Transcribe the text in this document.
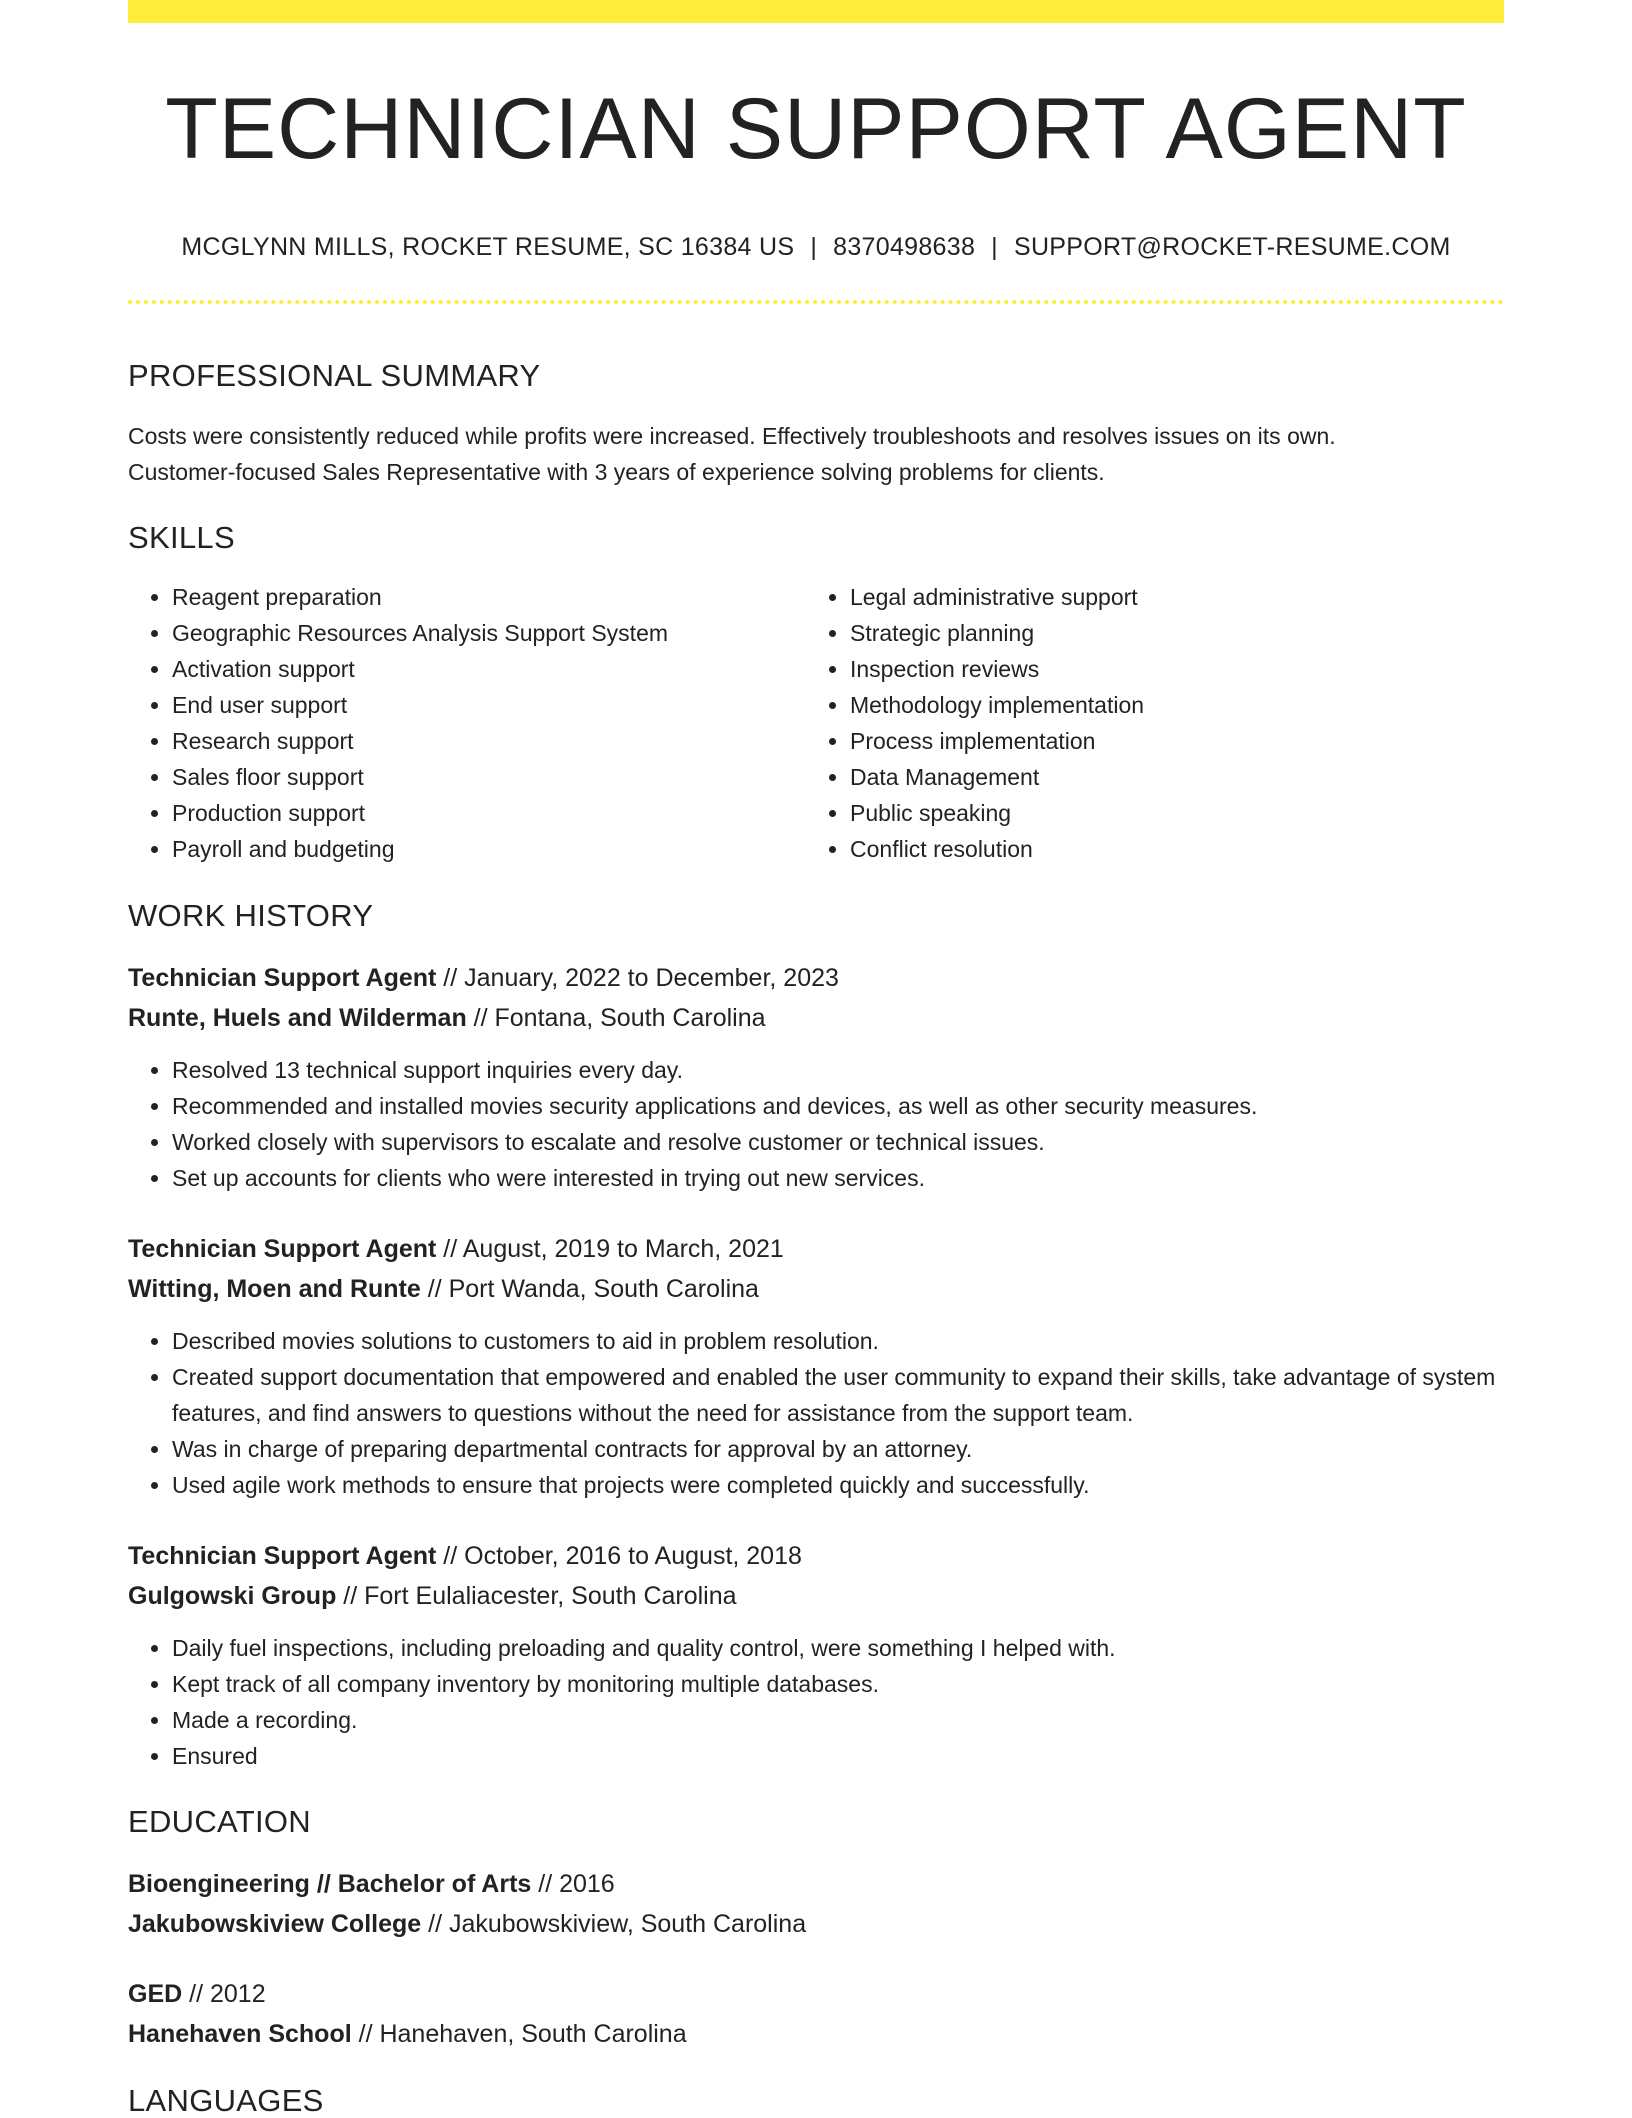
TECHNICIAN SUPPORT AGENT
MCGLYNN MILLS, ROCKET RESUME, SC 16384 US | 8370498638 | SUPPORT@ROCKET-RESUME.COM
PROFESSIONAL SUMMARY

Costs were consistently reduced while profits were increased. Effectively troubleshoots and resolves issues on its own.

Customer-focused Sales Representative with 3 years of experience solving problems for clients.

SKILLS
• Reagent preparation
• Geographic Resources Analysis Support System
• Activation support
• End user support
• Research support
• Sales floor support
• Production support
• Payroll and budgeting
• Legal administrative support
• Strategic planning
• Inspection reviews
• Methodology implementation
• Process implementation
• Data Management
• Public speaking
• Conflict resolution
WORK HISTORY
Technician Support Agent // January, 2022 to December, 2023
Runte, Huels and Wilderman // Fontana, South Carolina
• Resolved 13 technical support inquiries every day.
• Recommended and installed movies security applications and devices, as well as other security measures.
• Worked closely with supervisors to escalate and resolve customer or technical issues.
• Set up accounts for clients who were interested in trying out new services.
Technician Support Agent // August, 2019 to March, 2021
Witting, Moen and Runte // Port Wanda, South Carolina
• Described movies solutions to customers to aid in problem resolution.
• Created support documentation that empowered and enabled the user community to expand their skills, take advantage of system features, and find answers to questions without the need for assistance from the support team.
• Was in charge of preparing departmental contracts for approval by an attorney.
• Used agile work methods to ensure that projects were completed quickly and successfully.
Technician Support Agent // October, 2016 to August, 2018
Gulgowski Group // Fort Eulaliacester, South Carolina
• Daily fuel inspections, including preloading and quality control, were something I helped with.
• Kept track of all company inventory by monitoring multiple databases.
• Made a recording.
• Ensured
EDUCATION
Bioengineering // Bachelor of Arts // 2016
Jakubowskiview College // Jakubowskiview, South Carolina
GED // 2012
Hanehaven School // Hanehaven, South Carolina
LANGUAGES
